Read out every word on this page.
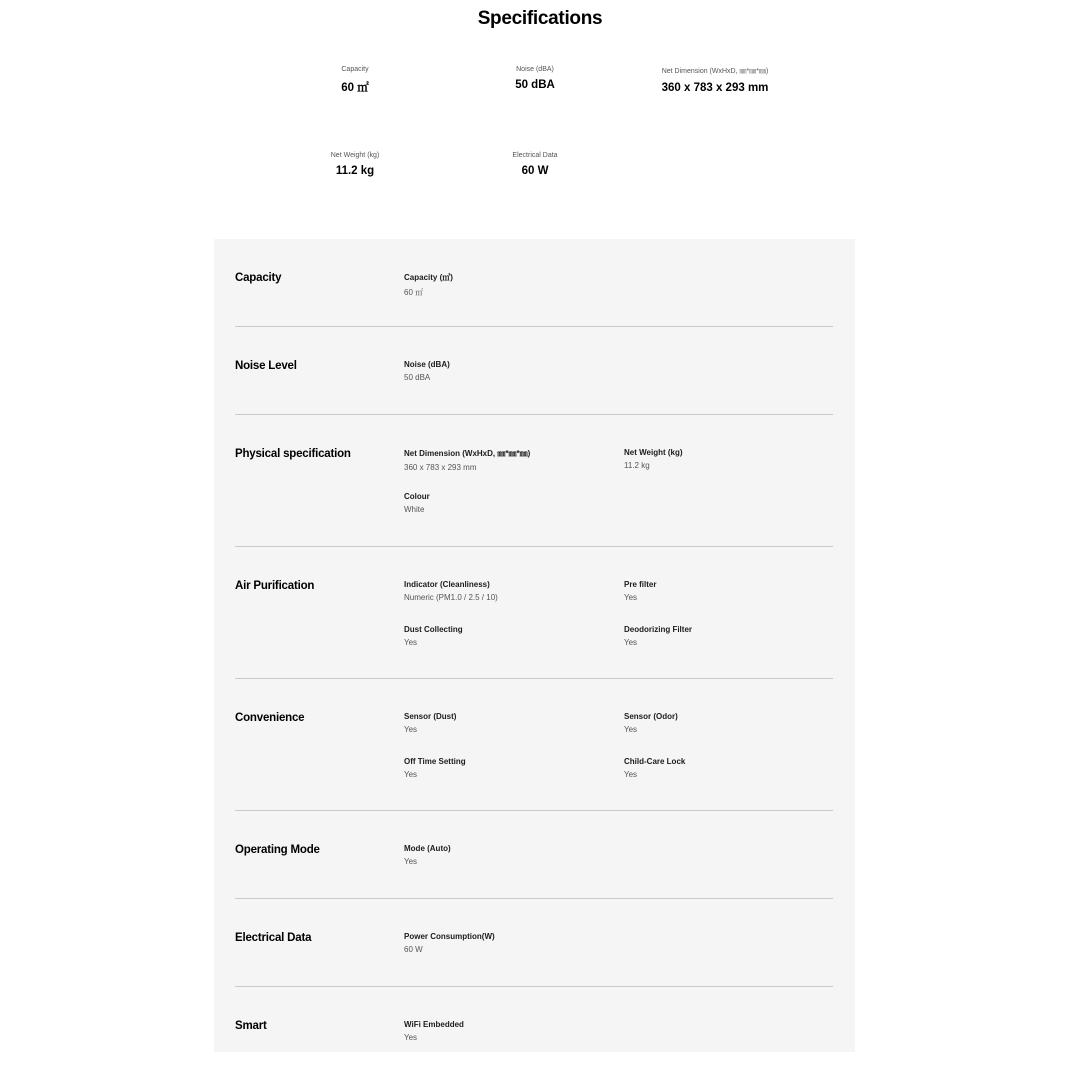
Specifications
Capacity
60 ㎡
Noise (dBA)
50 dBA
Net Dimension (WxHxD, ㎜*㎜*㎜)
360 x 783 x 293 mm
Net Weight (kg)
11.2 kg
Electrical Data
60 W
Capacity	Capacity (㎡)
60 ㎡
Noise Level	Noise (dBA)
50 dBA
Physical specification	Net Dimension (WxHxD, ㎜*㎜*㎜)
360 x 783 x 293 mm
Net Weight (kg)
11.2 kg
Colour
White
Air Purification	Indicator (Cleanliness)
Numeric (PM1.0 / 2.5 / 10)
Pre filter
Yes
Dust Collecting
Yes
Deodorizing Filter
Yes
Convenience	Sensor (Dust)
Yes
Sensor (Odor)
Yes
Off Time Setting
Yes
Child-Care Lock
Yes
Operating Mode	Mode (Auto)
Yes
Electrical Data	Power Consumption(W)
60 W
Smart	WiFi Embedded
Yes
